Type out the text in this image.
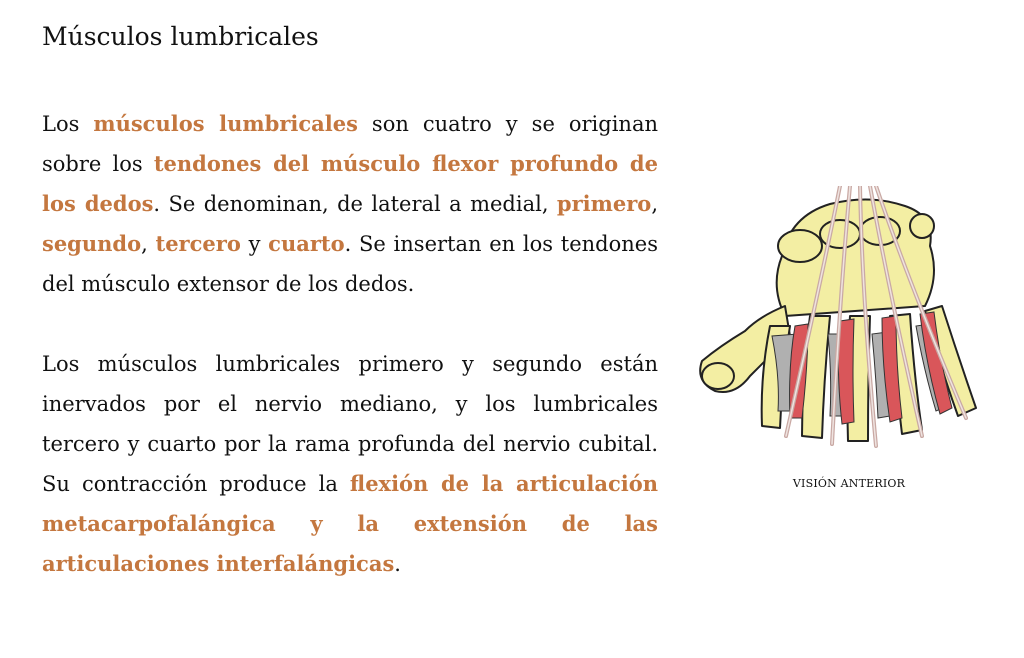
Músculos lumbricales

Los músculos lumbricales son cuatro y se originan sobre los tendones del músculo flexor profundo de los dedos. Se denominan, de lateral a medial, primero, segundo, tercero y cuarto. Se insertan en los tendones del músculo extensor de los dedos.

Los músculos lumbricales primero y segundo están inervados por el nervio mediano, y los lumbricales tercero y cuarto por la rama profunda del nervio cubital. Su contracción produce la flexión de la articulación metacarpofalángica y la extensión de las articulaciones interfalángicas.

VISIÓN ANTERIOR
